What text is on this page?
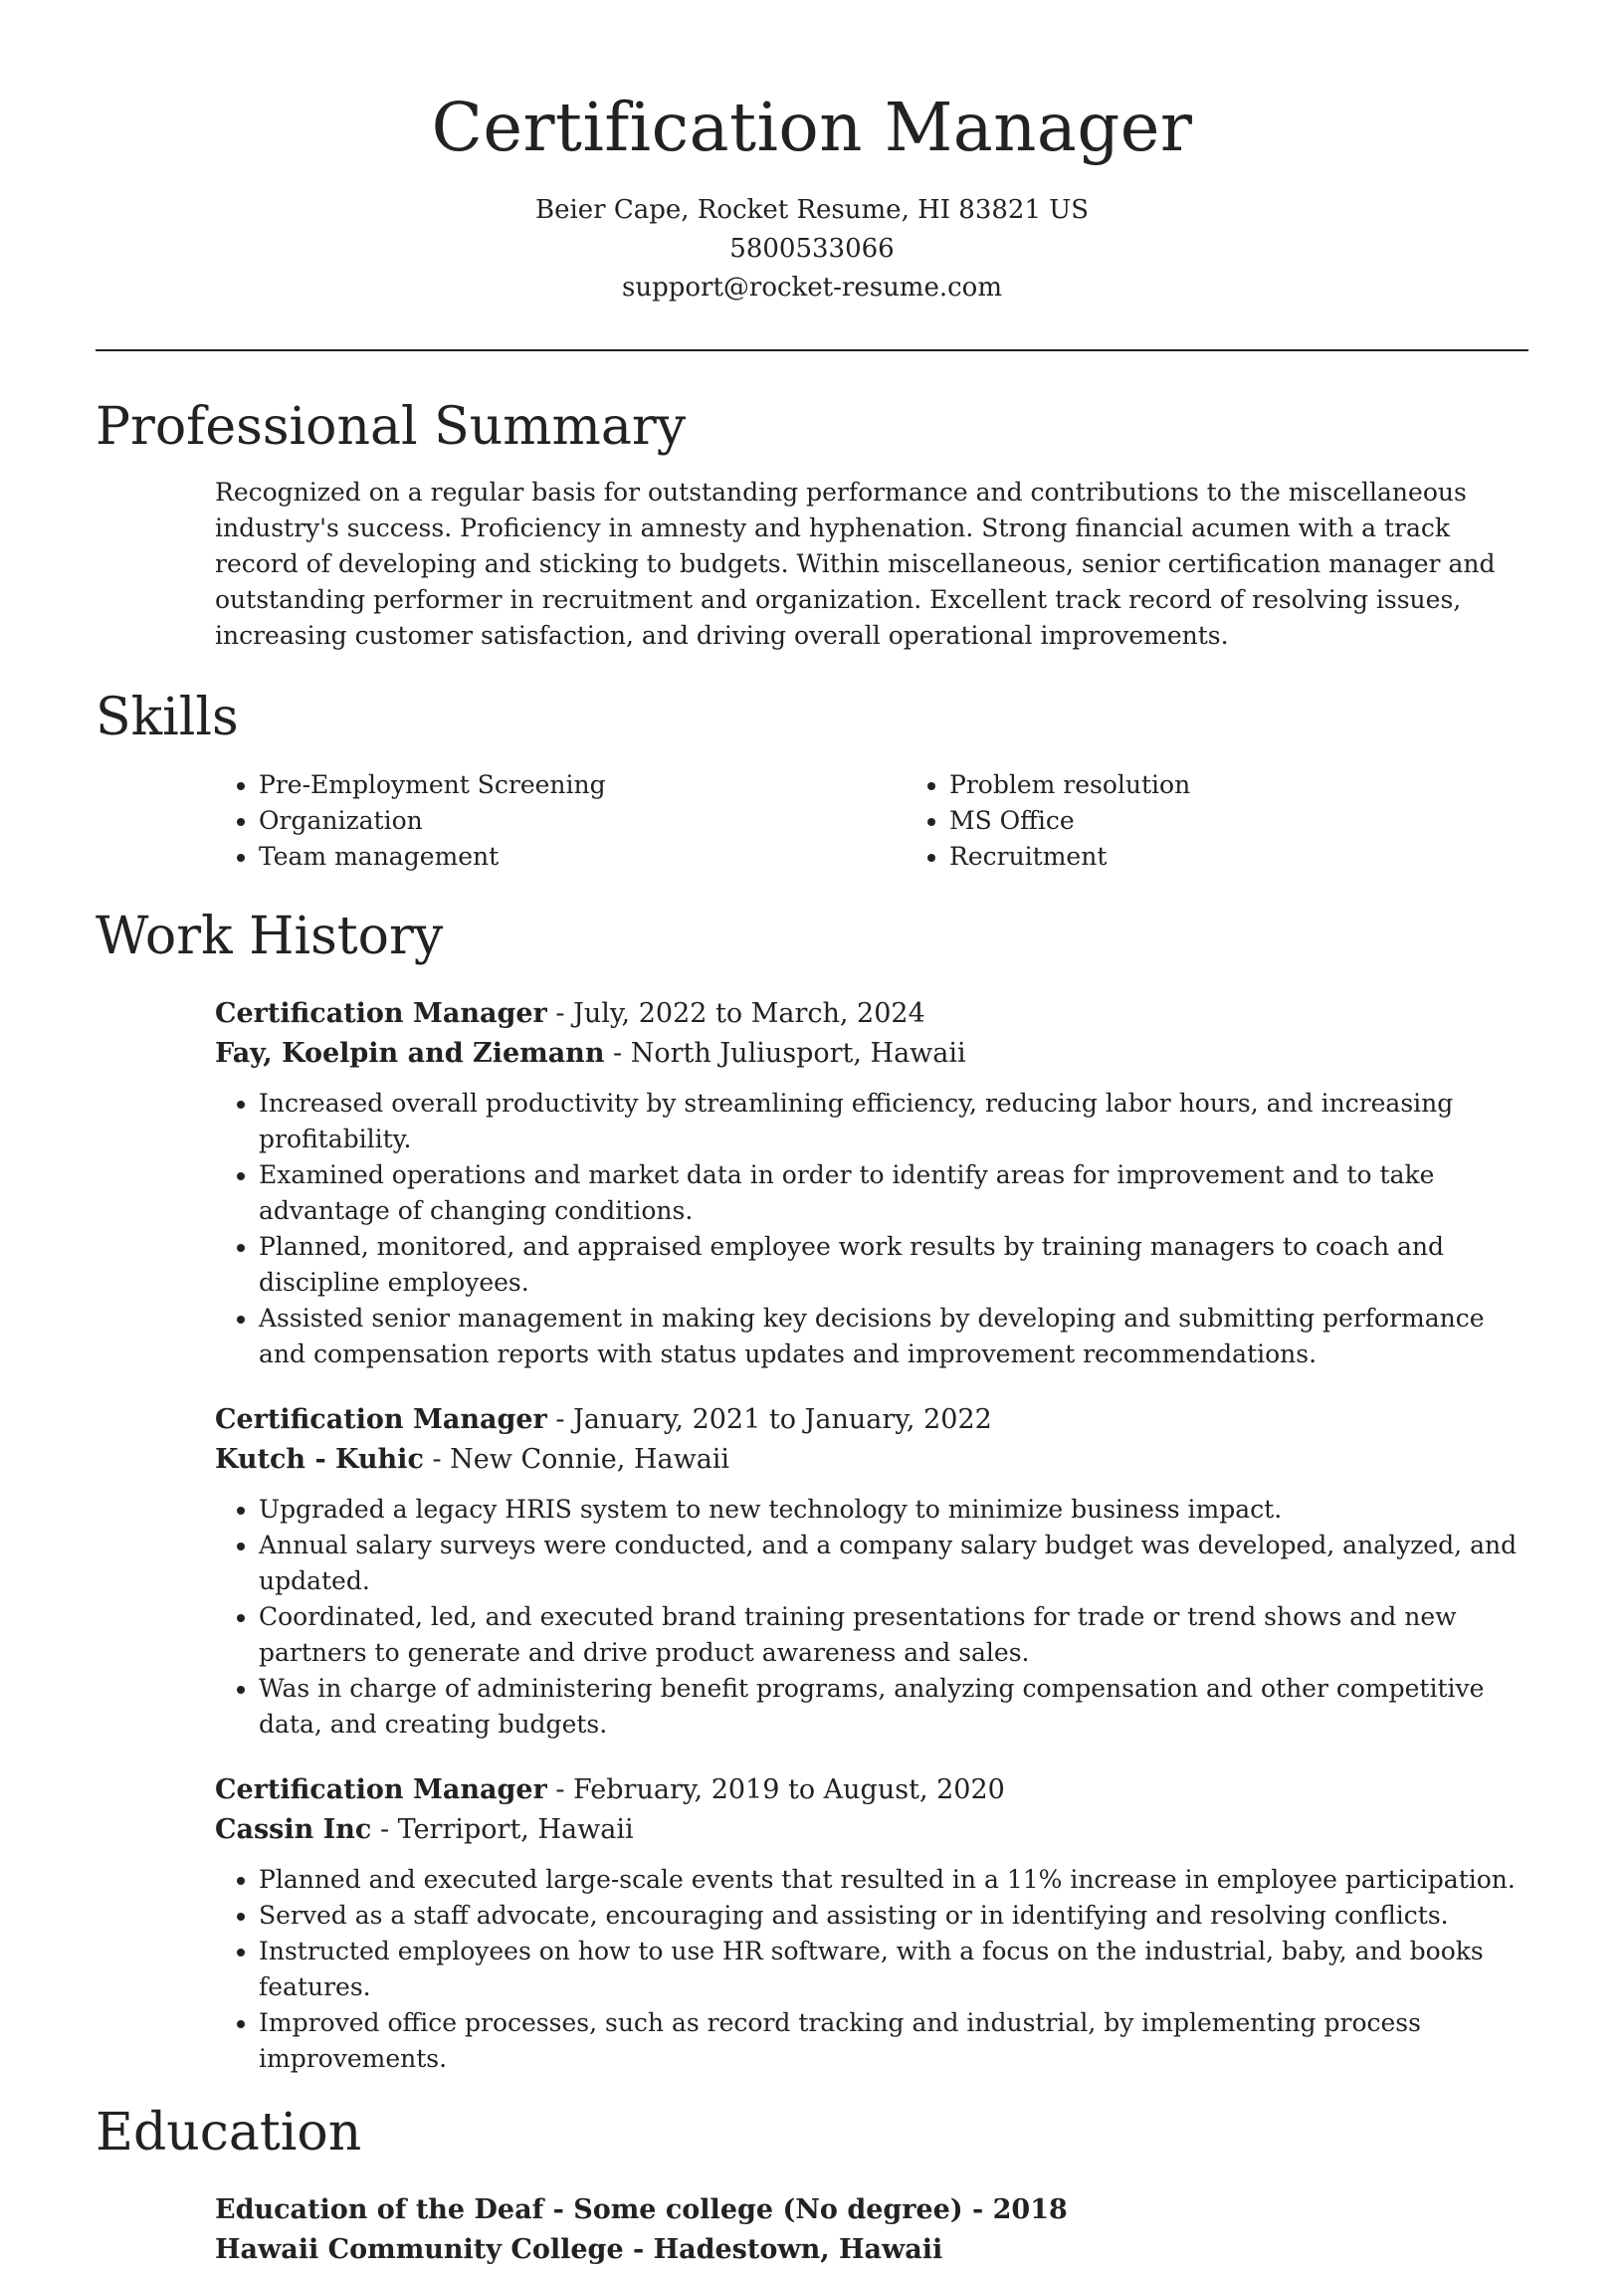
Certification Manager
Beier Cape, Rocket Resume, HI 83821 US
5800533066
support@rocket-resume.com
Professional Summary

Recognized on a regular basis for outstanding performance and contributions to the miscellaneous industry's success. Proficiency in amnesty and hyphenation. Strong financial acumen with a track record of developing and sticking to budgets. Within miscellaneous, senior certification manager and outstanding performer in recruitment and organization. Excellent track record of resolving issues, increasing customer satisfaction, and driving overall operational improvements.

Skills
• Pre-Employment Screening
• Organization
• Team management
• Problem resolution
• MS Office
• Recruitment
Work History
Certification Manager - July, 2022 to March, 2024
Fay, Koelpin and Ziemann - North Juliusport, Hawaii
• Increased overall productivity by streamlining efficiency, reducing labor hours, and increasing profitability.
• Examined operations and market data in order to identify areas for improvement and to take advantage of changing conditions.
• Planned, monitored, and appraised employee work results by training managers to coach and discipline employees.
• Assisted senior management in making key decisions by developing and submitting performance and compensation reports with status updates and improvement recommendations.
Certification Manager - January, 2021 to January, 2022
Kutch - Kuhic - New Connie, Hawaii
• Upgraded a legacy HRIS system to new technology to minimize business impact.
• Annual salary surveys were conducted, and a company salary budget was developed, analyzed, and updated.
• Coordinated, led, and executed brand training presentations for trade or trend shows and new partners to generate and drive product awareness and sales.
• Was in charge of administering benefit programs, analyzing compensation and other competitive data, and creating budgets.
Certification Manager - February, 2019 to August, 2020
Cassin Inc - Terriport, Hawaii
• Planned and executed large-scale events that resulted in a 11% increase in employee participation.
• Served as a staff advocate, encouraging and assisting or in identifying and resolving conflicts.
• Instructed employees on how to use HR software, with a focus on the industrial, baby, and books features.
• Improved office processes, such as record tracking and industrial, by implementing process improvements.
Education
Education of the Deaf - Some college (No degree) - 2018
Hawaii Community College - Hadestown, Hawaii
